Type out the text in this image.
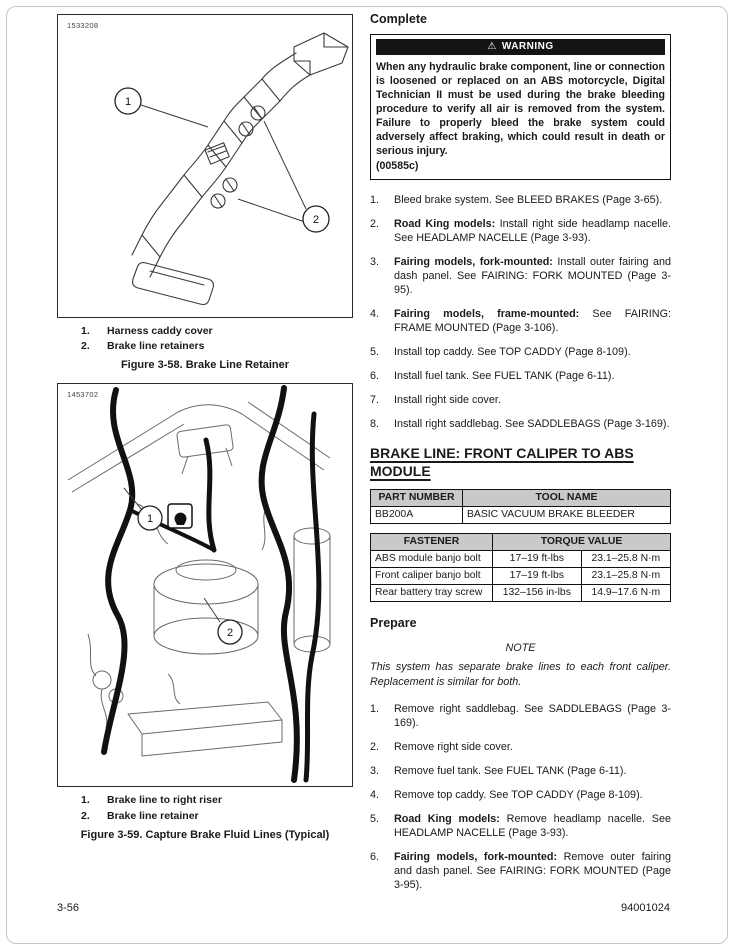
1533208
1
2
1.	Harness caddy cover
2.	Brake line retainers
Figure 3-58. Brake Line Retainer
1453702
1
2
1.	Brake line to right riser
2.	Brake line retainer
Figure 3-59. Capture Brake Fluid Lines (Typical)
Complete
⚠ WARNING

When any hydraulic brake component, line or connection is loosened or replaced on an ABS motorcycle, Digital Technician II must be used during the brake bleeding procedure to verify all air is removed from the system. Failure to properly bleed the brake system could adversely affect braking, which could result in death or serious injury.
(00585c)

1.	Bleed brake system. See BLEED BRAKES (Page 3-65).
2.	Road King models: Install right side headlamp nacelle. See HEADLAMP NACELLE (Page 3-93).
3.	Fairing models, fork-mounted: Install outer fairing and dash panel. See FAIRING: FORK MOUNTED (Page 3-95).
4.	Fairing models, frame-mounted: See FAIRING: FRAME MOUNTED (Page 3-106).
5.	Install top caddy. See TOP CADDY (Page 8-109).
6.	Install fuel tank. See FUEL TANK (Page 6-11).
7.	Install right side cover.
8.	Install right saddlebag. See SADDLEBAGS (Page 3-169).
BRAKE LINE: FRONT CALIPER TO ABS MODULE
PART NUMBER	TOOL NAME
BB200A	BASIC VACUUM BRAKE BLEEDER
FASTENER	TORQUE VALUE	
ABS module banjo bolt	17–19 ft-lbs	23.1–25.8 N·m
Front caliper banjo bolt	17–19 ft-lbs	23.1–25.8 N·m
Rear battery tray screw	132–156 in-lbs	14.9–17.6 N·m
Prepare
NOTE

This system has separate brake lines to each front caliper. Replacement is similar for both.

1.	Remove right saddlebag. See SADDLEBAGS (Page 3-169).
2.	Remove right side cover.
3.	Remove fuel tank. See FUEL TANK (Page 6-11).
4.	Remove top caddy. See TOP CADDY (Page 8-109).
5.	Road King models: Remove headlamp nacelle. See HEADLAMP NACELLE (Page 3-93).
6.	Fairing models, fork-mounted: Remove outer fairing and dash panel. See FAIRING: FORK MOUNTED (Page 3-95).
3-56	94001024
